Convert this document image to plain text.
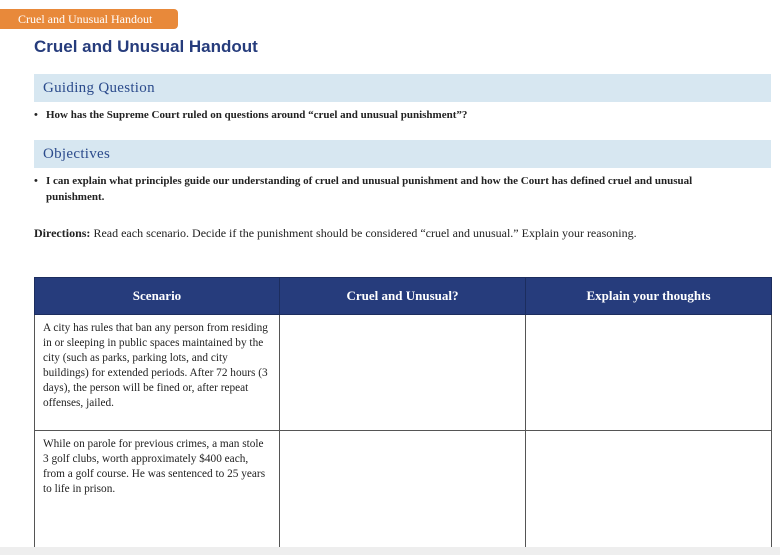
Cruel and Unusual Handout
Cruel and Unusual Handout
Guiding Question
• How has the Supreme Court ruled on questions around “cruel and unusual punishment”?
Objectives
• I can explain what principles guide our understanding of cruel and unusual punishment and how the Court has defined cruel and unusual punishment.
Directions: Read each scenario. Decide if the punishment should be considered “cruel and unusual.” Explain your reasoning.
Scenario	Cruel and Unusual?	Explain your thoughts
A city has rules that ban any person from residing in or sleeping in public spaces maintained by the city (such as parks, parking lots, and city buildings) for extended periods. After 72 hours (3 days), the person will be fined or, after repeat offenses, jailed.		
While on parole for previous crimes, a man stole 3 golf clubs, worth approximately $400 each, from a golf course. He was sentenced to 25 years to life in prison.		
